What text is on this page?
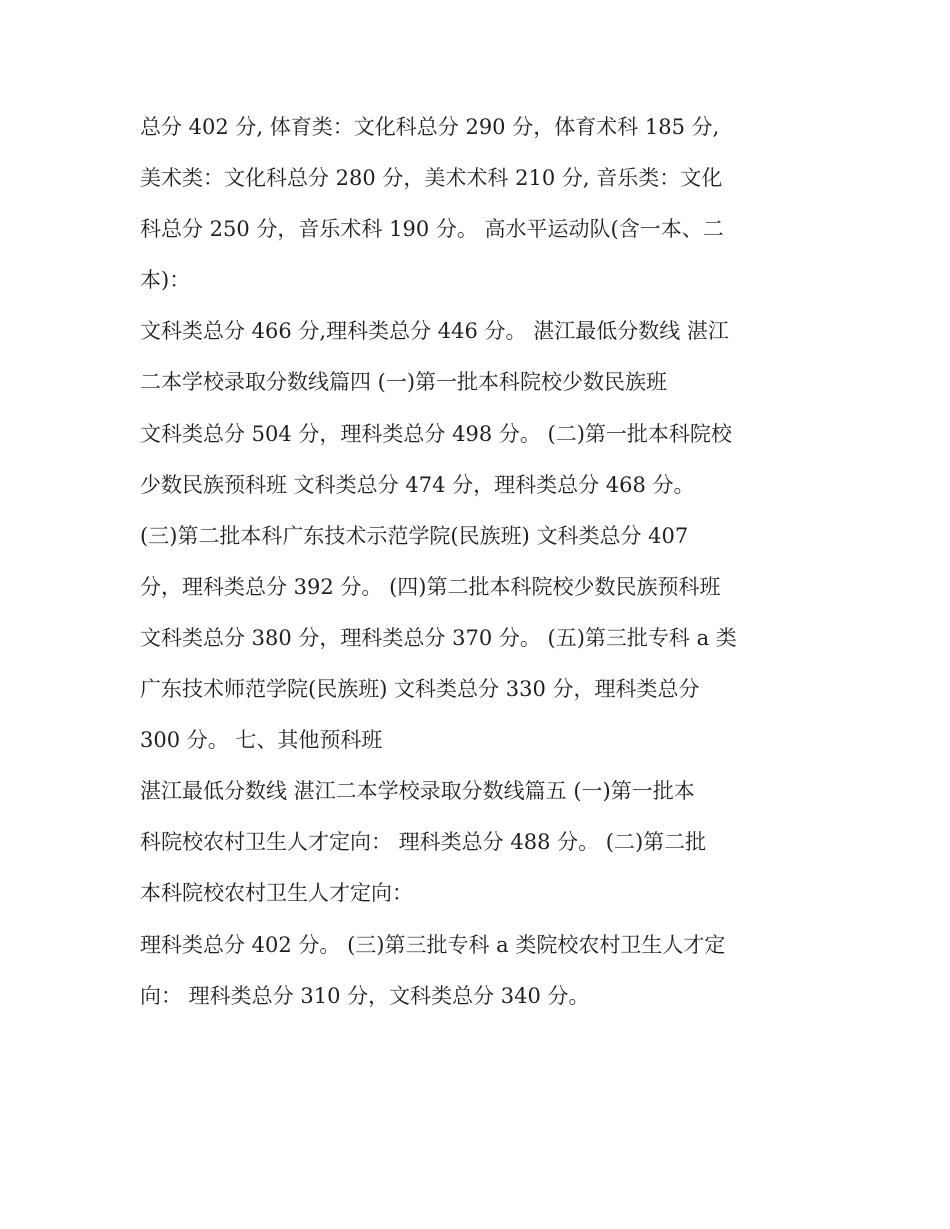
总分 402 分, 体育类：文化科总分 290 分，体育术科 185 分,
美术类：文化科总分 280 分，美术术科 210 分, 音乐类：文化
科总分 250 分，音乐术科 190 分。 高水平运动队(含一本、二
本)：
文科类总分 466 分,理科类总分 446 分。 湛江最低分数线 湛江
二本学校录取分数线篇四 (一)第一批本科院校少数民族班
文科类总分 504 分，理科类总分 498 分。 (二)第一批本科院校
少数民族预科班 文科类总分 474 分，理科类总分 468 分。
(三)第二批本科广东技术示范学院(民族班) 文科类总分 407
分，理科类总分 392 分。 (四)第二批本科院校少数民族预科班
文科类总分 380 分，理科类总分 370 分。 (五)第三批专科 a 类
广东技术师范学院(民族班) 文科类总分 330 分，理科类总分
300 分。 七、其他预科班
湛江最低分数线 湛江二本学校录取分数线篇五 (一)第一批本
科院校农村卫生人才定向： 理科类总分 488 分。 (二)第二批
本科院校农村卫生人才定向：
理科类总分 402 分。 (三)第三批专科 a 类院校农村卫生人才定
向： 理科类总分 310 分，文科类总分 340 分。
